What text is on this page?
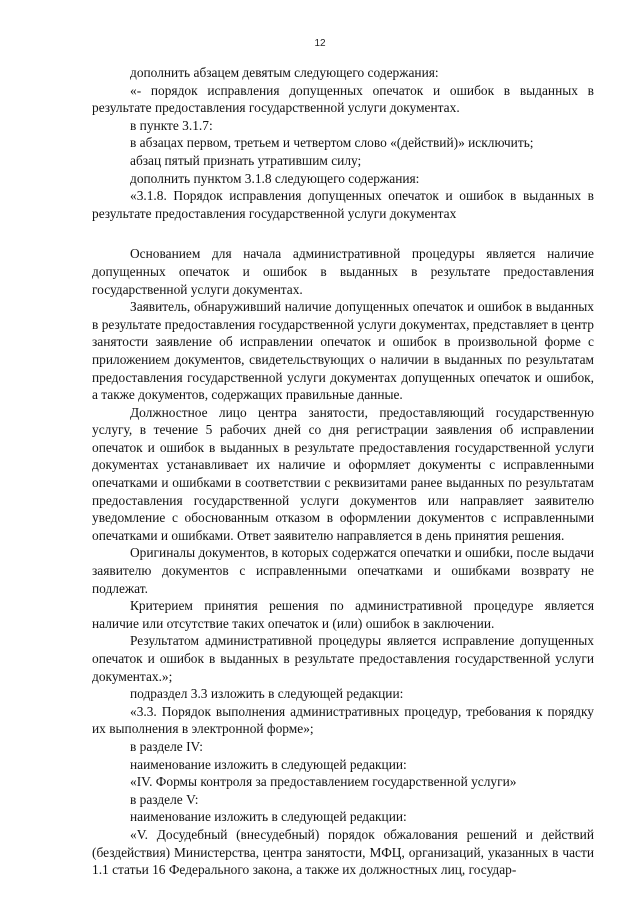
12

дополнить абзацем девятым следующего содержания:

«- порядок исправления допущенных опечаток и ошибок в выданных в результате предоставления государственной услуги документах.

в пункте 3.1.7:

в абзацах первом, третьем и четвертом слово «(действий)» исключить;

абзац пятый признать утратившим силу;

дополнить пунктом 3.1.8 следующего содержания:

«3.1.8. Порядок исправления допущенных опечаток и ошибок в выданных в результате предоставления государственной услуги документах

Основанием для начала административной процедуры является наличие допущенных опечаток и ошибок в выданных в результате предоставления государственной услуги документах.

Заявитель, обнаруживший наличие допущенных опечаток и ошибок в выданных в результате предоставления государственной услуги документах, представляет в центр занятости заявление об исправлении опечаток и ошибок в произвольной форме с приложением документов, свидетельствующих о наличии в выданных по результатам предоставления государственной услуги документах допущенных опечаток и ошибок, а также документов, содержащих правильные данные.

Должностное лицо центра занятости, предоставляющий государственную услугу, в течение 5 рабочих дней со дня регистрации заявления об исправлении опечаток и ошибок в выданных в результате предоставления государственной услуги документах устанавливает их наличие и оформляет документы с исправленными опечатками и ошибками в соответствии с реквизитами ранее выданных по результатам предоставления государственной услуги документов или направляет заявителю уведомление с обоснованным отказом в оформлении документов с исправленными опечатками и ошибками. Ответ заявителю направляется в день принятия решения.

Оригиналы документов, в которых содержатся опечатки и ошибки, после выдачи заявителю документов с исправленными опечатками и ошибками возврату не подлежат.

Критерием принятия решения по административной процедуре является наличие или отсутствие таких опечаток и (или) ошибок в заключении.

Результатом административной процедуры является исправление допущенных опечаток и ошибок в выданных в результате предоставления государственной услуги документах.»;

подраздел 3.3 изложить в следующей редакции:

«3.3. Порядок выполнения административных процедур, требования к порядку их выполнения в электронной форме»;

в разделе IV:

наименование изложить в следующей редакции:

«IV. Формы контроля за предоставлением государственной услуги»

в разделе V:

наименование изложить в следующей редакции:

«V. Досудебный (внесудебный) порядок обжалования решений и действий (бездействия) Министерства, центра занятости, МФЦ, организаций, указанных в части 1.1 статьи 16 Федерального закона, а также их должностных лиц, государ-
